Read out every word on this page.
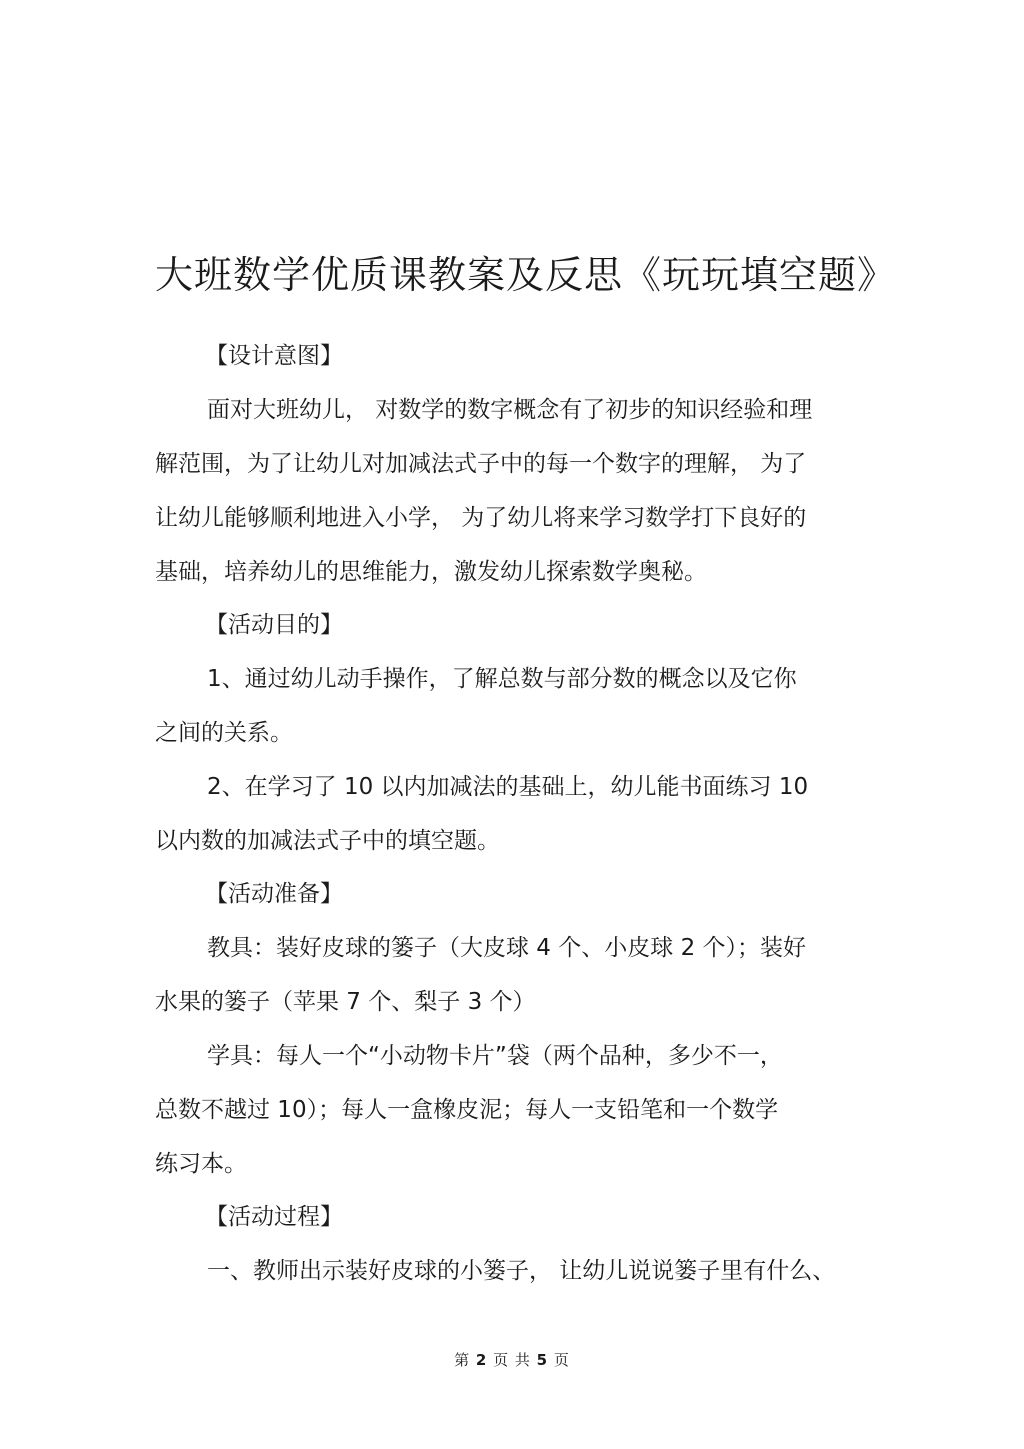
大班数学优质课教案及反思《玩玩填空题》

【设计意图】

面对大班幼儿， 对数学的数字概念有了初步的知识经验和理

解范围，为了让幼儿对加减法式子中的每一个数字的理解， 为了

让幼儿能够顺利地进入小学， 为了幼儿将来学习数学打下良好的

基础，培养幼儿的思维能力，激发幼儿探索数学奥秘。

【活动目的】

1、通过幼儿动手操作，了解总数与部分数的概念以及它你

之间的关系。

2、在学习了 10 以内加减法的基础上，幼儿能书面练习 10

以内数的加减法式子中的填空题。

【活动准备】

教具：装好皮球的篓子（大皮球 4 个、小皮球 2 个）；装好

水果的篓子（苹果 7 个、梨子 3 个）

学具：每人一个“小动物卡片”袋（两个品种，多少不一，

总数不越过 10）；每人一盒橡皮泥；每人一支铅笔和一个数学

练习本。

【活动过程】

一、教师出示装好皮球的小篓子， 让幼儿说说篓子里有什么、

第 2 页 共 5 页
